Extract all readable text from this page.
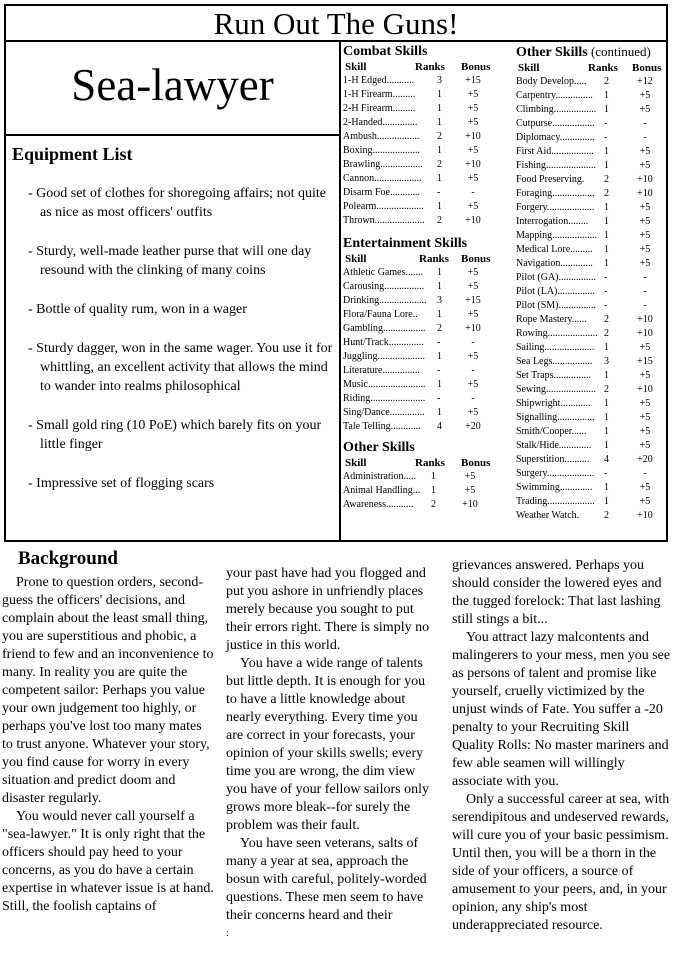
Run Out The Guns!
Sea-lawyer
Equipment List
- Good set of clothes for shoregoing affairs; not quite as nice as most officers' outfits
- Sturdy, well-made leather purse that will one day resound with the clinking of many coins
- Bottle of quality rum, won in a wager
- Sturdy dagger, won in the same wager. You use it for whittling, an excellent activity that allows the mind to wander into realms philosophical
- Small gold ring (10 PoE) which barely fits on your little finger
- Impressive set of flogging scars
Combat Skills
Skill	Ranks Bonus
1-H Edged........... 3	+15
1-H Firearm......... 1	+5
2-H Firearm......... 1	+5
2-Handed.............. 1	+5
Ambush................. 2	+10
Boxing................... 1	+5
Brawling................. 2	+10
Cannon................... 1	+5
Disarm Foe............ -	-
Polearm................... 1	+5
Thrown.................... 2	+10
Entertainment Skills
Skill	Ranks Bonus
Athletic Games....... 1	+5
Carousing................ 1	+5
Drinking................... 3	+15
Flora/Fauna Lore.. 1	+5
Gambling................. 2	+10
Hunt/Track.............. -	-
Juggling................... 1	+5
Literature............... -	-
Music....................... 1	+5
Riding...................... -	-
Sing/Dance.............. 1	+5
Tale Telling............ 4	+20
Other Skills
Skill	Ranks Bonus
Administration..... 1	+5
Animal Handling... 1	+5
Awareness........... 2	+10
Other Skills (continued)
Skill	Ranks Bonus
Body Develop..... 2	+12
Carpentry............... 1	+5
Climbing................. 1	+5
Cutpurse................. -	-
Diplomacy.............. -	-
First Aid................. 1	+5
Fishing.................... 1	+5
Food Preserving. 2	+10
Foraging................. 2	+10
Forgery................... 1	+5
Interrogation........ 1	+5
Mapping.................. 1	+5
Medical Lore......... 1	+5
Navigation............. 1	+5
Pilot (GA)............... -	-
Pilot (LA)............... -	-
Pilot (SM)............... -	-
Rope Mastery...... 2	+10
Rowing.................... 2	+10
Sailing.................... 1	+5
Sea Legs................ 3	+15
Set Traps............... 1	+5
Sewing.................... 2	+10
Shipwright............ 1	+5
Signalling............... 1	+5
Smith/Cooper...... 1	+5
Stalk/Hide............. 1	+5
Superstition.......... 4	+20
Surgery................... -	-
Swimming............. 1	+5
Trading................... 1	+5
Weather Watch. 2	+10
Background

Prone to question orders, second-guess the officers' decisions, and complain about the least small thing, you are superstitious and phobic, a friend to few and an inconvenience to many. In reality you are quite the competent sailor: Perhaps you value your own judgement too highly, or perhaps you've lost too many mates to trust anyone. Whatever your story, you find cause for worry in every situation and predict doom and disaster regularly.

You would never call yourself a "sea-lawyer." It is only right that the officers should pay heed to your concerns, as you do have a certain expertise in whatever issue is at hand. Still, the foolish captains of

your past have had you flogged and put you ashore in unfriendly places merely because you sought to put their errors right. There is simply no justice in this world.

You have a wide range of talents but little depth. It is enough for you to have a little knowledge about nearly everything. Every time you are correct in your forecasts, your opinion of your skills swells; every time you are wrong, the dim view you have of your fellow sailors only grows more bleak--for surely the problem was their fault.

You have seen veterans, salts of many a year at sea, approach the bosun with careful, politely-worded questions. These men seem to have their concerns heard and their

grievances answered. Perhaps you should consider the lowered eyes and the tugged forelock: That last lashing still stings a bit...

You attract lazy malcontents and malingerers to your mess, men you see as persons of talent and promise like yourself, cruelly victimized by the unjust winds of Fate. You suffer a -20 penalty to your Recruiting Skill Quality Rolls: No master mariners and few able seamen will willingly associate with you.

Only a successful career at sea, with serendipitous and undeserved rewards, will cure you of your basic pessimism. Until then, you will be a thorn in the side of your officers, a source of amusement to your peers, and, in your opinion, any ship's most underappreciated resource.

:
